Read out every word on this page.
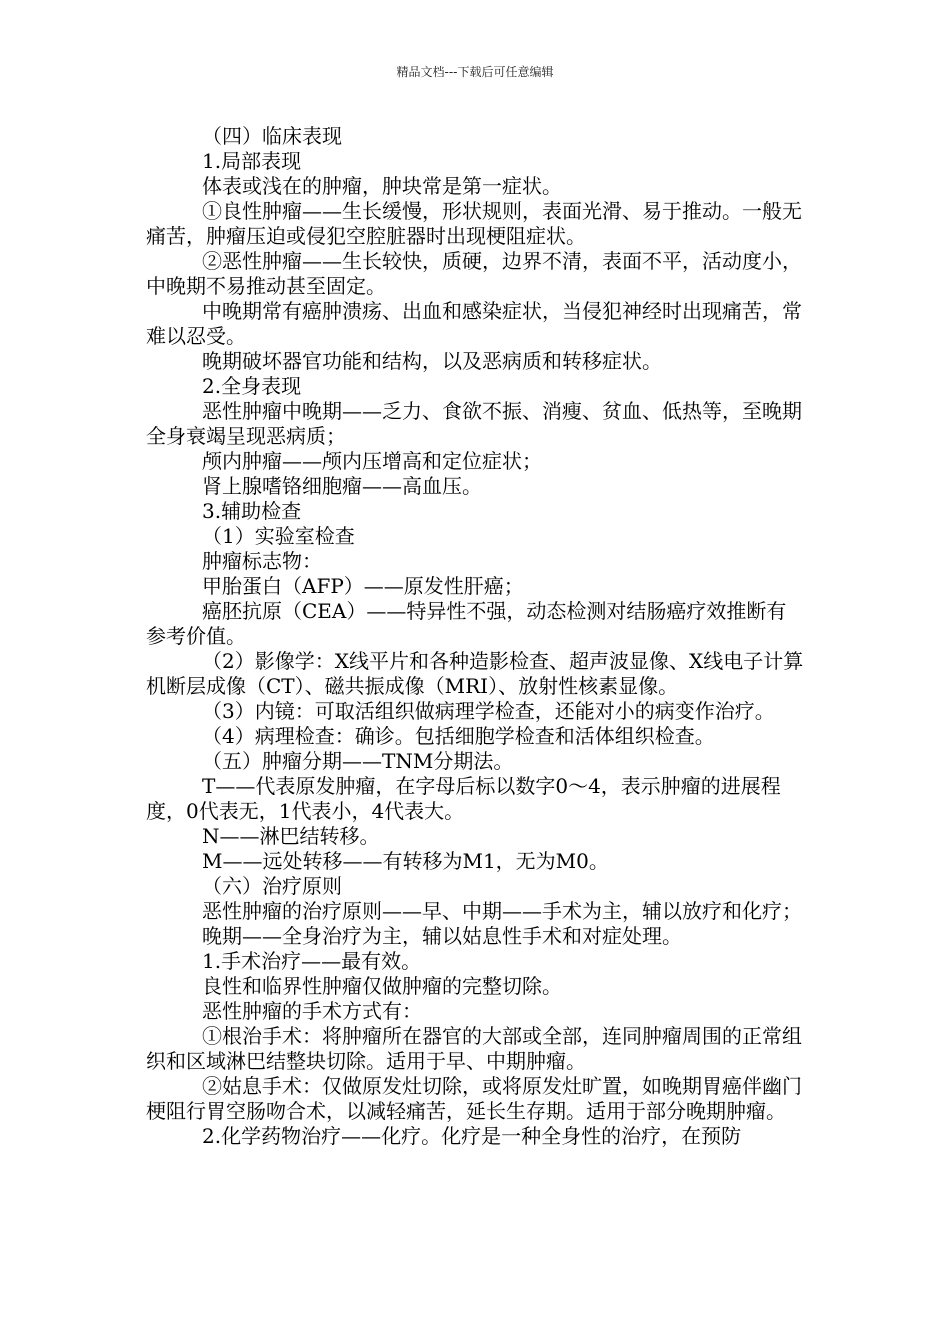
精品文档---下载后可任意编辑

（四）临床表现

1.局部表现

体表或浅在的肿瘤，肿块常是第一症状。

①良性肿瘤——生长缓慢，形状规则，表面光滑、易于推动。一般无痛苦，肿瘤压迫或侵犯空腔脏器时出现梗阻症状。

②恶性肿瘤——生长较快，质硬，边界不清，表面不平，活动度小，中晚期不易推动甚至固定。

中晚期常有癌肿溃疡、出血和感染症状，当侵犯神经时出现痛苦，常难以忍受。

晚期破坏器官功能和结构，以及恶病质和转移症状。

2.全身表现

恶性肿瘤中晚期——乏力、食欲不振、消瘦、贫血、低热等，至晚期全身衰竭呈现恶病质；

颅内肿瘤——颅内压增高和定位症状；

肾上腺嗜铬细胞瘤——高血压。

3.辅助检查

（1）实验室检查

肿瘤标志物：

甲胎蛋白（AFP）——原发性肝癌；

癌胚抗原（CEA）——特异性不强，动态检测对结肠癌疗效推断有参考价值。

（2）影像学：X线平片和各种造影检查、超声波显像、X线电子计算机断层成像（CT）、磁共振成像（MRI）、放射性核素显像。

（3）内镜：可取活组织做病理学检查，还能对小的病变作治疗。

（4）病理检查：确诊。包括细胞学检查和活体组织检查。

（五）肿瘤分期——TNM分期法。

T——代表原发肿瘤，在字母后标以数字0～4，表示肿瘤的进展程度，0代表无，1代表小，4代表大。

N——淋巴结转移。

M——远处转移——有转移为M1，无为M0。

（六）治疗原则

恶性肿瘤的治疗原则——早、中期——手术为主，辅以放疗和化疗；

晚期——全身治疗为主，辅以姑息性手术和对症处理。

1.手术治疗——最有效。

良性和临界性肿瘤仅做肿瘤的完整切除。

恶性肿瘤的手术方式有：

①根治手术：将肿瘤所在器官的大部或全部，连同肿瘤周围的正常组织和区域淋巴结整块切除。适用于早、中期肿瘤。

②姑息手术：仅做原发灶切除，或将原发灶旷置，如晚期胃癌伴幽门梗阻行胃空肠吻合术，以减轻痛苦，延长生存期。适用于部分晚期肿瘤。

2.化学药物治疗——化疗。化疗是一种全身性的治疗，在预防
